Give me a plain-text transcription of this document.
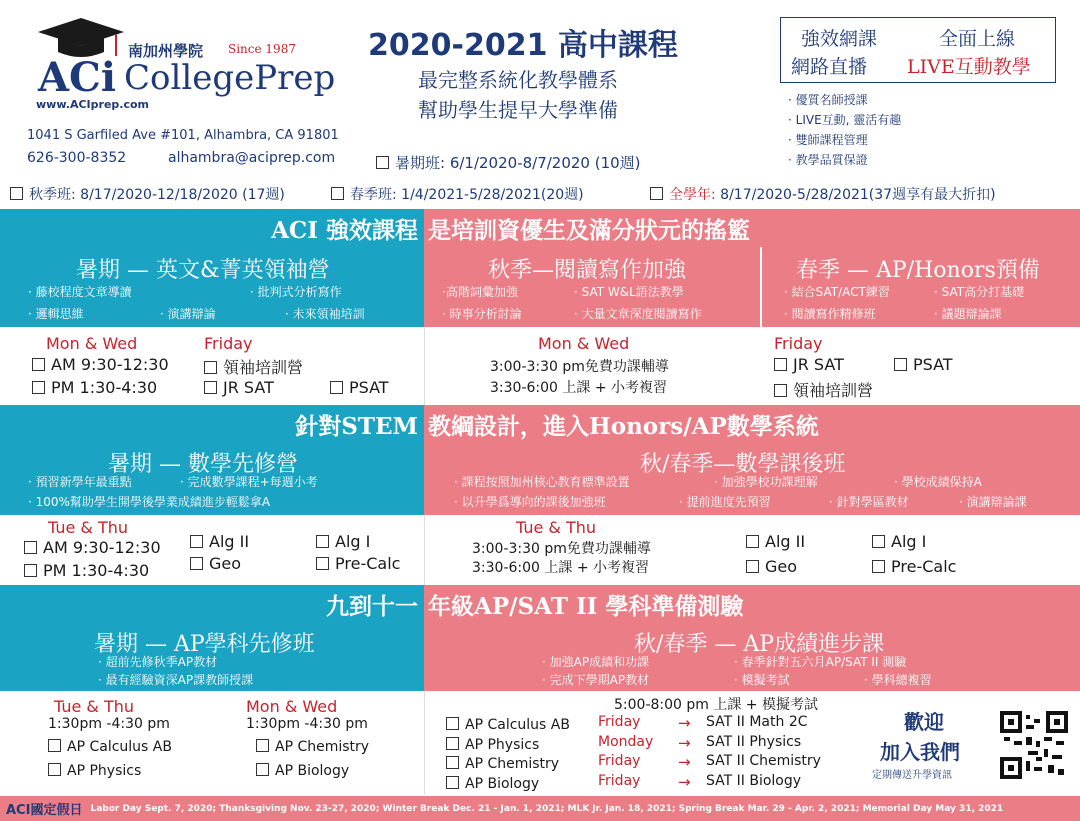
南加州學院 Since 1987
ACi CollegePrep
www.ACIprep.com
1041 S Garfiled Ave #101, Alhambra, CA 91801
626-300-8352	alhambra@aciprep.com
2020-2021 高中課程
最完整系統化教學體系
幫助學生提早大學準備
強效網課	全面上線
網路直播 LIVE互動教學
· 優質名師授課
· LIVE互動, 靈活有趣
· 雙師課程管理
· 教學品質保證
暑期班: 6/1/2020-8/7/2020 (10週)
秋季班: 8/17/2020-12/18/2020 (17週)	春季班: 1/4/2021-5/28/2021(20週)	全學年: 8/17/2020-5/28/2021(37週享有最大折扣)
ACI 強效課程 是培訓資優生及滿分狀元的搖籃
暑期 — 英文&菁英領袖營
· 藤校程度文章導讀	· 批判式分析寫作
· 邏輯思維	· 演講辯論	· 未來領袖培訓
秋季—閱讀寫作加強
·高階詞彙加強	· SAT W&L語法教學
· 時事分析討論	· 大量文章深度閱讀寫作
春季 — AP/Honors預備
· 結合SAT/ACT練習	· SAT高分打基礎
· 閱讀寫作精修班	· 議題辯論課
Mon & Wed
AM 9:30-12:30
PM 1:30-4:30
Friday
領袖培訓營
JR SAT	PSAT
Mon & Wed
3:00-3:30 pm免費功課輔導
3:30-6:00 上課 + 小考複習
Friday
JR SAT	PSAT
領袖培訓營
針對STEM 教綱設計，進入Honors/AP數學系統
暑期 — 數學先修營
· 預習新學年最重點	· 完成數學課程+每週小考
· 100%幫助學生開學後學業成績進步輕鬆拿A
秋/春季—數學課後班
· 課程按照加州核心教育標準設置	· 加強學校功課理解	· 學校成績保持A
· 以升學爲導向的課後加強班	· 提前進度先預習	· 針對學區教材	· 演講辯論課
Tue & Thu
AM 9:30-12:30
PM 1:30-4:30
Alg II
Geo
Alg I
Pre-Calc
Tue & Thu
3:00-3:30 pm免費功課輔導
3:30-6:00 上課 + 小考複習
Alg II
Geo
Alg I
Pre-Calc
九到十一 年級AP/SAT II 學科準備測驗
暑期 — AP學科先修班
· 超前先修秋季AP教材
· 最有經驗資深AP課教師授課
秋/春季 — AP成績進步課
· 加強AP成績和功課	· 春季針對五六月AP/SAT II 測驗
· 完成下學期AP教材	· 模擬考試	· 學科總複習
Tue & Thu
1:30pm -4:30 pm
Mon & Wed
1:30pm -4:30 pm
AP Calculus AB
AP Physics
AP Chemistry
AP Biology
5:00-8:00 pm 上課 + 模擬考試
AP Calculus AB Friday	→ SAT II Math 2C
AP Physics	Monday → SAT II Physics
AP Chemistry	Friday	→ SAT II Chemistry
AP Biology	Friday	→ SAT II Biology
歡迎
加入我們
定期傳送升學資訊
ACI國定假日 Labor Day Sept. 7, 2020; Thanksgiving Nov. 23-27, 2020; Winter Break Dec. 21 - Jan. 1, 2021; MLK Jr. Jan. 18, 2021; Spring Break Mar. 29 - Apr. 2, 2021; Memorial Day May 31, 2021
